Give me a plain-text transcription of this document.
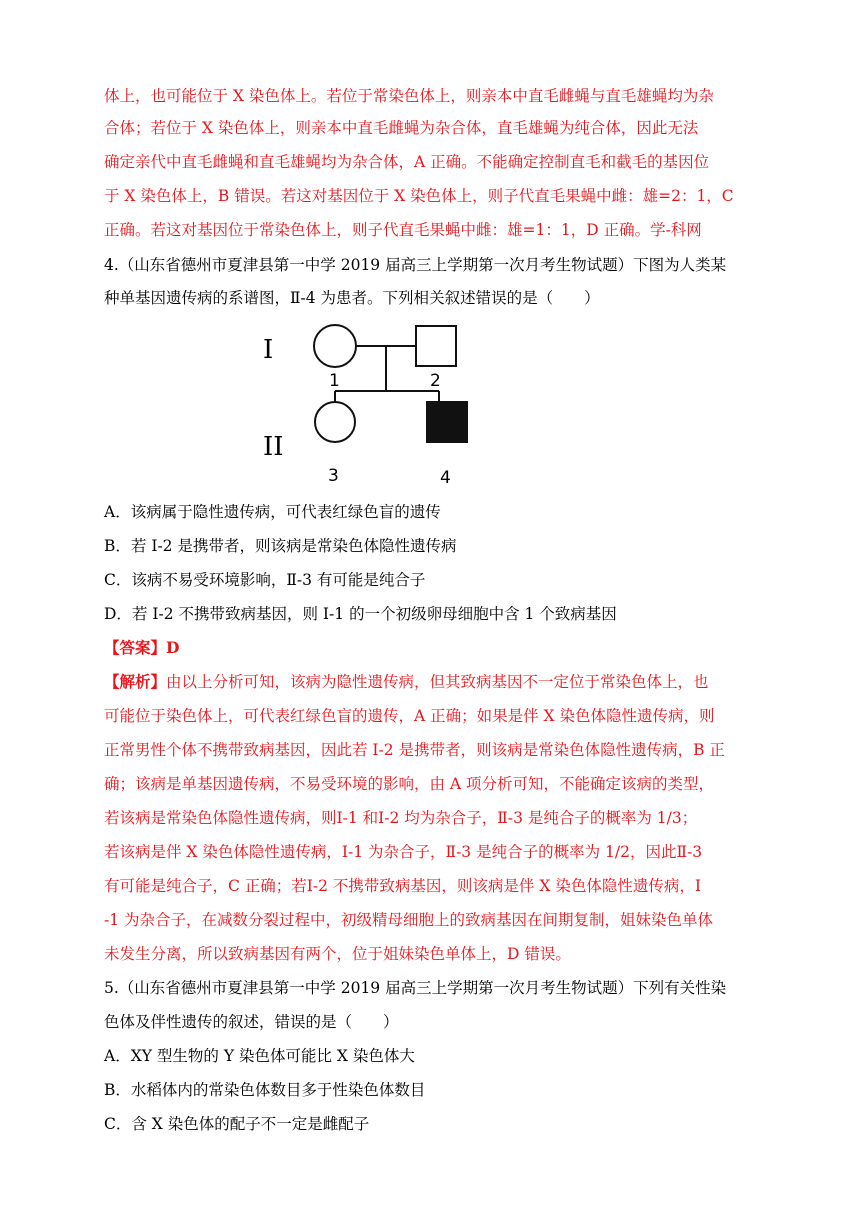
体上，也可能位于 X 染色体上。若位于常染色体上，则亲本中直毛雌蝇与直毛雄蝇均为杂
合体；若位于 X 染色体上，则亲本中直毛雌蝇为杂合体，直毛雄蝇为纯合体，因此无法
确定亲代中直毛雌蝇和直毛雄蝇均为杂合体，A 正确。不能确定控制直毛和截毛的基因位
于 X 染色体上，B 错误。若这对基因位于 X 染色体上，则子代直毛果蝇中雌：雄=2：1，C
正确。若这对基因位于常染色体上，则子代直毛果蝇中雌：雄=1：1，D 正确。学-科网
4.（山东省德州市夏津县第一中学 2019 届高三上学期第一次月考生物试题）下图为人类某
种单基因遗传病的系谱图，Ⅱ-4 为患者。下列相关叙述错误的是（　　）
I
II
1	2
3	4
A．该病属于隐性遗传病，可代表红绿色盲的遗传
B．若 I-2 是携带者，则该病是常染色体隐性遗传病
C．该病不易受环境影响，Ⅱ-3 有可能是纯合子
D．若 I-2 不携带致病基因，则 I-1 的一个初级卵母细胞中含 1 个致病基因
【答案】D
【解析】由以上分析可知，该病为隐性遗传病，但其致病基因不一定位于常染色体上，也
可能位于染色体上，可代表红绿色盲的遗传，A 正确；如果是伴 X 染色体隐性遗传病，则
正常男性个体不携带致病基因，因此若 I-2 是携带者，则该病是常染色体隐性遗传病，B 正
确；该病是单基因遗传病，不易受环境的影响，由 A 项分析可知，不能确定该病的类型，
若该病是常染色体隐性遗传病，则Ⅰ-1 和Ⅰ-2 均为杂合子，Ⅱ-3 是纯合子的概率为 1/3；
若该病是伴 X 染色体隐性遗传病，Ⅰ-1 为杂合子，Ⅱ-3 是纯合子的概率为 1/2，因此Ⅱ-3
有可能是纯合子，C 正确；若Ⅰ-2 不携带致病基因，则该病是伴 X 染色体隐性遗传病，Ⅰ
-1 为杂合子，在减数分裂过程中，初级精母细胞上的致病基因在间期复制，姐妹染色单体
未发生分离，所以致病基因有两个，位于姐妹染色单体上，D 错误。
5.（山东省德州市夏津县第一中学 2019 届高三上学期第一次月考生物试题）下列有关性染
色体及伴性遗传的叙述，错误的是（　　）
A．XY 型生物的 Y 染色体可能比 X 染色体大
B．水稻体内的常染色体数目多于性染色体数目
C．含 X 染色体的配子不一定是雌配子
